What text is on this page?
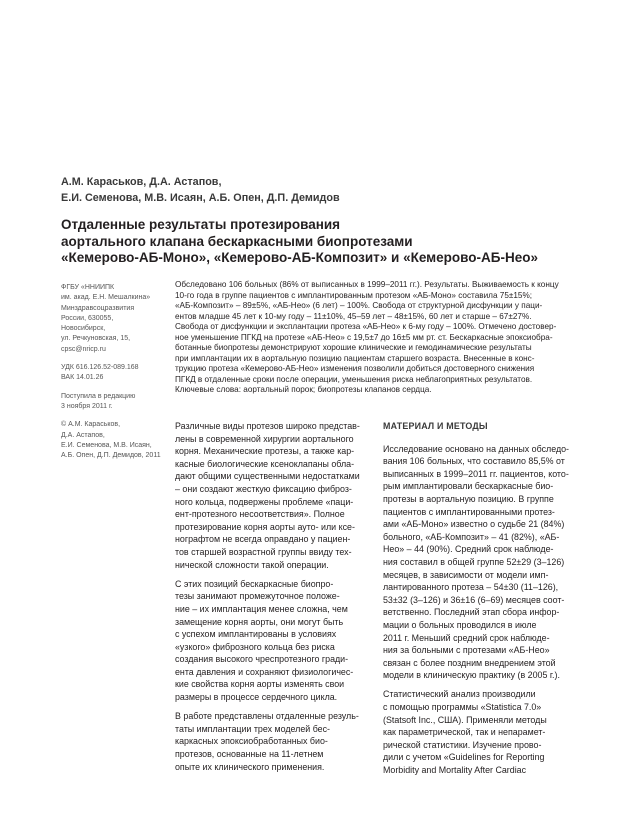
А.М. Караськов, Д.А. Астапов,
Е.И. Семенова, М.В. Исаян, А.Б. Опен, Д.П. Демидов
Отдаленные результаты протезирования
аортального клапана бескаркасными биопротезами
«Кемерово-АБ-Моно», «Кемерово-АБ-Композит» и «Кемерово-АБ-Нео»
ФГБУ «ННИИПК
им. акад. Е.Н. Мешалкина»
Минздравсоцразвития
России, 630055,
Новосибирск,
ул. Речкуновская, 15,
cpsc@nricp.ru
УДК 616.126.52-089.168
ВАК 14.01.26
Поступила в редакцию
3 ноября 2011 г.
© А.М. Караськов,
Д.А. Астапов,
Е.И. Семенова, М.В. Исаян,
А.Б. Опен, Д.П. Демидов, 2011
Обследовано 106 больных (86% от выписанных в 1999–2011 гг.). Результаты. Выживаемость к концу
10-го года в группе пациентов с имплантированным протезом «АБ-Моно» составила 75±15%;
«АБ-Композит» – 89±5%, «АБ-Нео» (6 лет) – 100%. Свобода от структурной дисфункции у паци-
ентов младше 45 лет к 10-му году – 11±10%, 45–59 лет – 48±15%, 60 лет и старше – 67±27%.
Свобода от дисфункции и эксплантации протеза «АБ-Нео» к 6-му году – 100%. Отмечено достовер-
ное уменьшение ПГКД на протезе «АБ-Нео» с 19,5±7 до 16±5 мм рт. ст. Бескаркасные эпоксиобра-
ботанные биопротезы демонстрируют хорошие клинические и гемодинамические результаты
при имплантации их в аортальную позицию пациентам старшего возраста. Внесенные в конс-
трукцию протеза «Кемерово-АБ-Нео» изменения позволили добиться достоверного снижения
ПГКД в отдаленные сроки после операции, уменьшения риска неблагоприятных результатов.
Ключевые слова: аортальный порок; биопротезы клапанов сердца.
Различные виды протезов широко представ-
лены в современной хирургии аортального
корня. Механические протезы, а также кар-
касные биологические ксеноклапаны обла-
дают общими существенными недостатками
– они создают жесткую фиксацию фиброз-
ного кольца, подвержены проблеме «паци-
ент-протезного несоответствия». Полное
протезирование корня аорты ауто- или ксе-
нографтом не всегда оправдано у пациен-
тов старшей возрастной группы ввиду тех-
нической сложности такой операции.
С этих позиций бескаркасные биопро-
тезы занимают промежуточное положе-
ние – их имплантация менее сложна, чем
замещение корня аорты, они могут быть
с успехом имплантированы в условиях
«узкого» фиброзного кольца без риска
создания высокого чреспротезного гради-
ента давления и сохраняют физиологичес-
кие свойства корня аорты изменять свои
размеры в процессе сердечного цикла.
В работе представлены отдаленные резуль-
таты имплантации трех моделей бес-
каркасных эпоксиобработанных био-
протезов, основанные на 11-летнем
опыте их клинического применения.
МАТЕРИАЛ И МЕТОДЫ
Исследование основано на данных обследо-
вания 106 больных, что составило 85,5% от
выписанных в 1999–2011 гг. пациентов, кото-
рым имплантировали бескаркасные био-
протезы в аортальную позицию. В группе
пациентов с имплантированными протез-
ами «АБ-Моно» известно о судьбе 21 (84%)
больного, «АБ-Композит» – 41 (82%), «АБ-
Нео» – 44 (90%). Средний срок наблюде-
ния составил в общей группе 52±29 (3–126)
месяцев, в зависимости от модели имп-
лантированного протеза – 54±30 (11–126),
53±32 (3–126) и 36±16 (6–69) месяцев соот-
ветственно. Последний этап сбора инфор-
мации о больных проводился в июле
2011 г. Меньший средний срок наблюде-
ния за больными с протезами «АБ-Нео»
связан с более поздним внедрением этой
модели в клиническую практику (в 2005 г.).
Статистический анализ производили
с помощью программы «Statistica 7.0»
(Statsoft Inc., США). Применяли методы
как параметрической, так и непарамет-
рической статистики. Изучение прово-
дили с учетом «Guidelines for Reporting
Morbidity and Mortality After Cardiac
